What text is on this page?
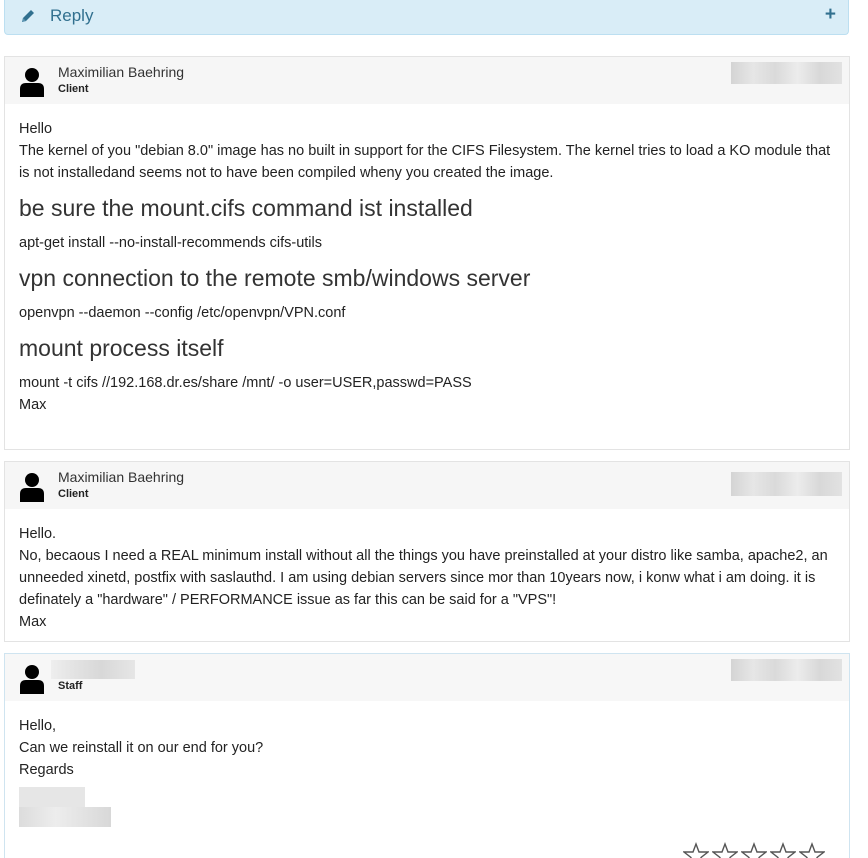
Reply	+
Maximilian Baehring
Client

Hello

The kernel of you "debian 8.0" image has no built in support for the CIFS Filesystem. The kernel tries to load a KO module that is not installedand seems not to have been compiled wheny you created the image.

be sure the mount.cifs command ist installed

apt-get install --no-install-recommends cifs-utils

vpn connection to the remote smb/windows server

openvpn --daemon --config /etc/openvpn/VPN.conf

mount process itself

mount -t cifs //192.168.dr.es/share /mnt/ -o user=USER,passwd=PASS

Max

Maximilian Baehring
Client

Hello.

No, becaous I need a REAL minimum install without all the things you have preinstalled at your distro like samba, apache2, an unneeded xinetd, postfix with saslauthd. I am using debian servers since mor than 10years now, i konw what i am doing. it is definately a "hardware" / PERFORMANCE issue as far this can be said for a "VPS"!

Max

Staff

Hello,

Can we reinstall it on our end for you?

Regards
